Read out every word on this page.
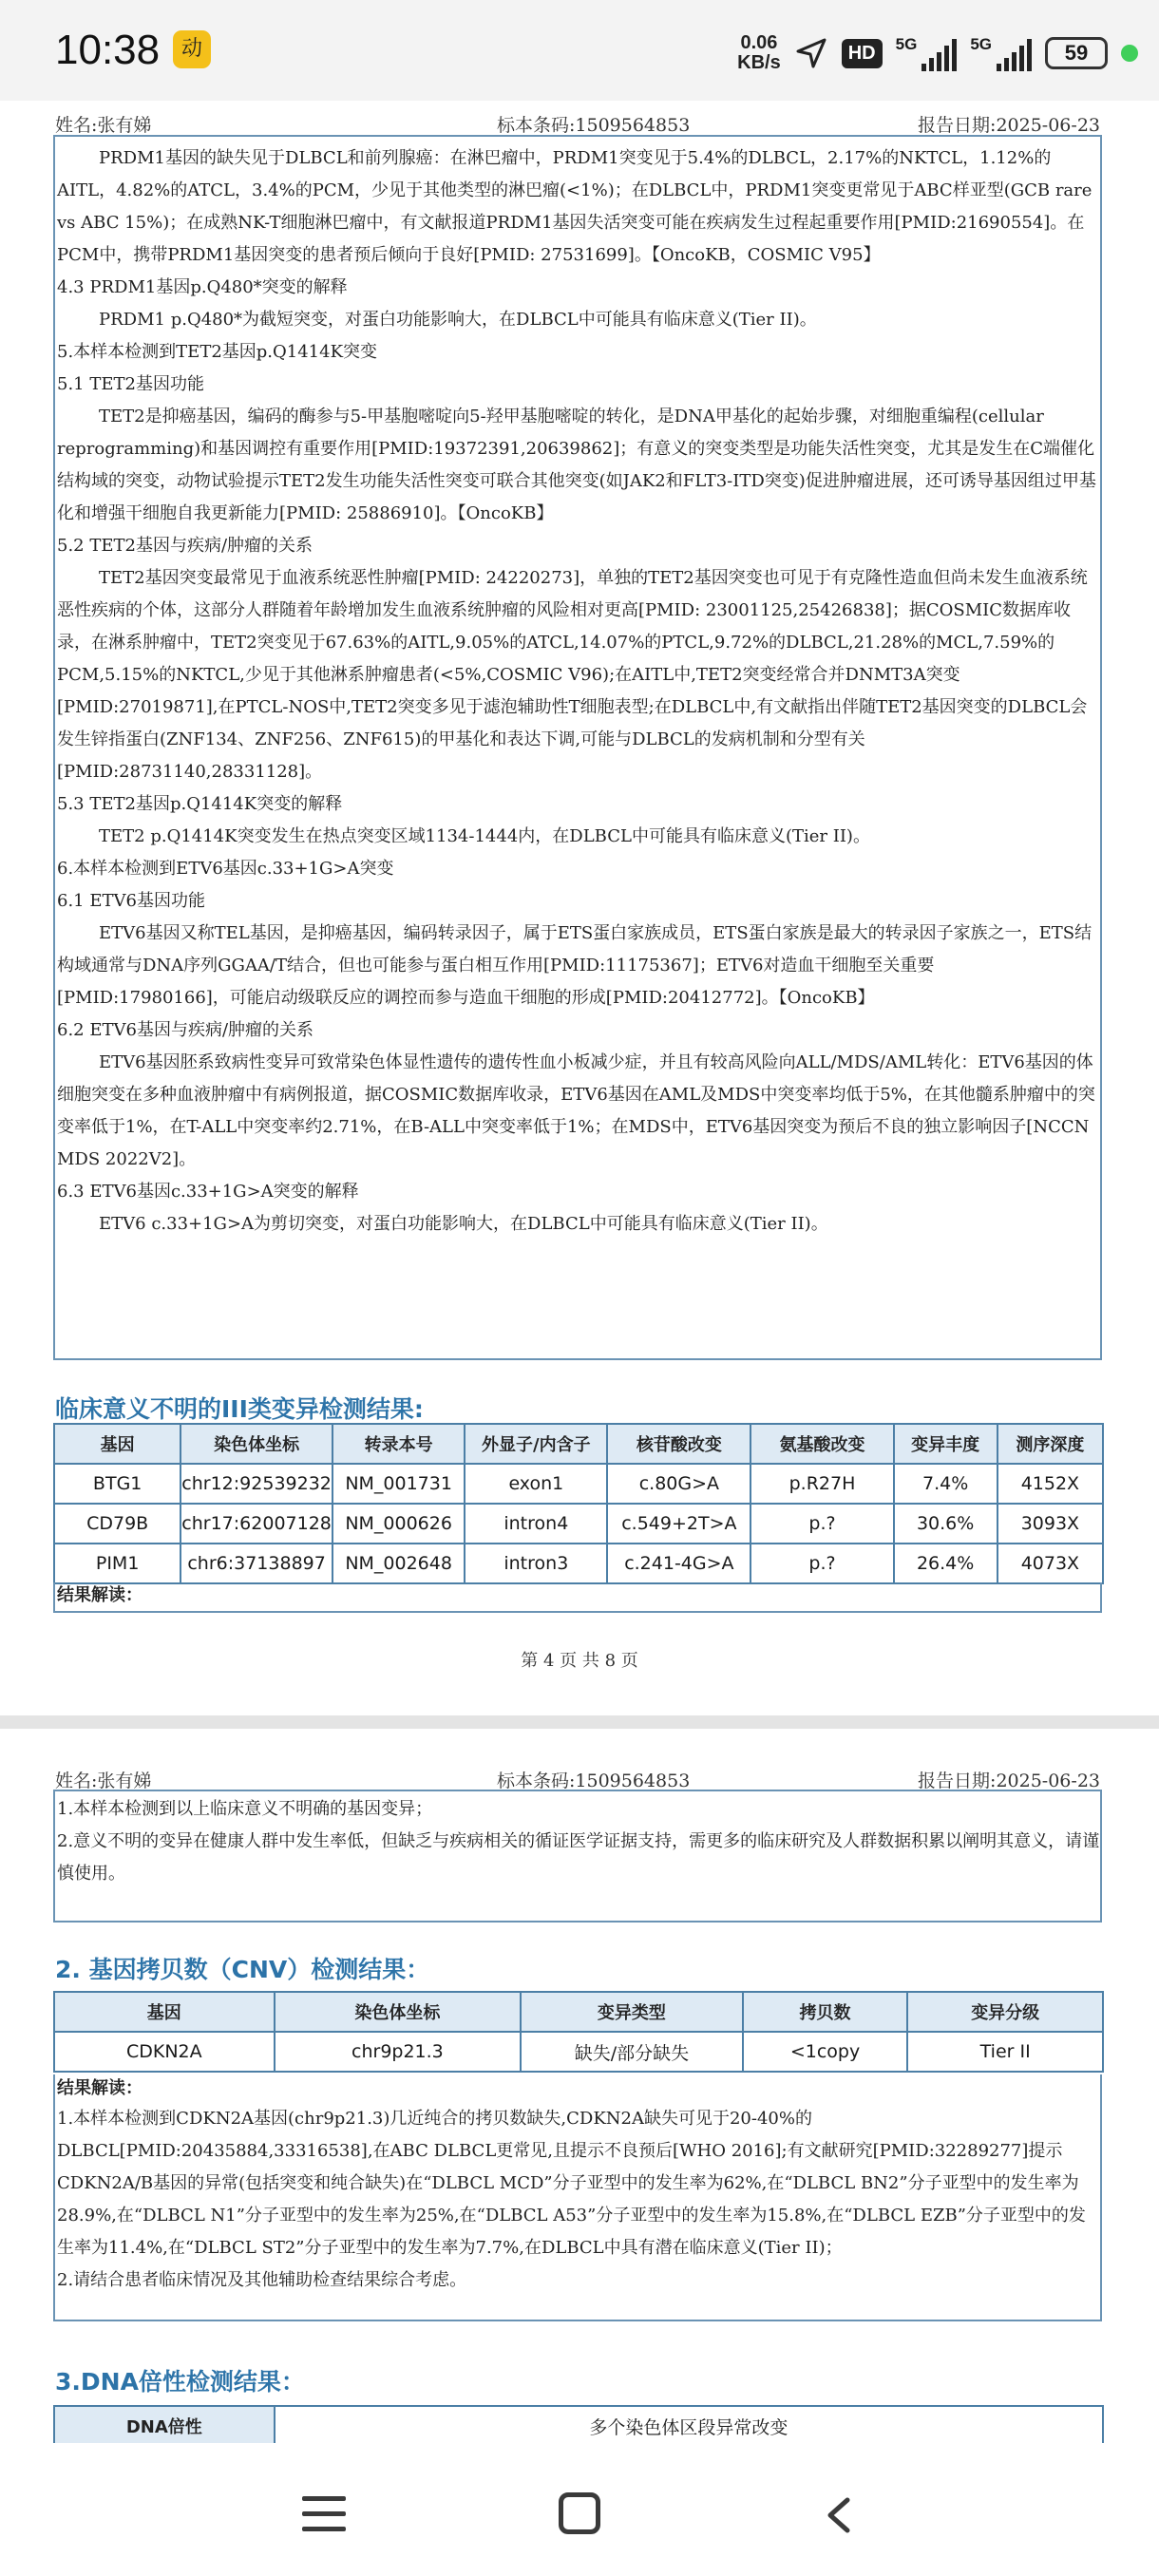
10:38	动	0.06
KB/s	HD	5G	5G	59
姓名:张有娣	标本条码:1509564853	报告日期:2025-06-23

PRDM1基因的缺失见于DLBCL和前列腺癌：在淋巴瘤中，PRDM1突变见于5.4%的DLBCL，2.17%的NKTCL，1.12%的AITL，4.82%的ATCL，3.4%的PCM，少见于其他类型的淋巴瘤(<1%)；在DLBCL中，PRDM1突变更常见于ABC样亚型(GCB rare vs ABC 15%)；在成熟NK-T细胞淋巴瘤中，有文献报道PRDM1基因失活突变可能在疾病发生过程起重要作用[PMID:21690554]。在PCM中，携带PRDM1基因突变的患者预后倾向于良好[PMID: 27531699]。【OncoKB，COSMIC V95】

4.3 PRDM1基因p.Q480*突变的解释

PRDM1 p.Q480*为截短突变，对蛋白功能影响大，在DLBCL中可能具有临床意义(Tier II)。

5.本样本检测到TET2基因p.Q1414K突变

5.1 TET2基因功能

TET2是抑癌基因，编码的酶参与5-甲基胞嘧啶向5-羟甲基胞嘧啶的转化，是DNA甲基化的起始步骤，对细胞重编程(cellular reprogramming)和基因调控有重要作用[PMID:19372391,20639862]；有意义的突变类型是功能失活性突变，尤其是发生在C端催化结构域的突变，动物试验提示TET2发生功能失活性突变可联合其他突变(如JAK2和FLT3-ITD突变)促进肿瘤进展，还可诱导基因组过甲基化和增强干细胞自我更新能力[PMID: 25886910]。【OncoKB】

5.2 TET2基因与疾病/肿瘤的关系

TET2基因突变最常见于血液系统恶性肿瘤[PMID: 24220273]，单独的TET2基因突变也可见于有克隆性造血但尚未发生血液系统恶性疾病的个体，这部分人群随着年龄增加发生血液系统肿瘤的风险相对更高[PMID: 23001125,25426838]；据COSMIC数据库收录，在淋系肿瘤中，TET2突变见于67.63%的AITL,9.05%的ATCL,14.07%的PTCL,9.72%的DLBCL,21.28%的MCL,7.59%的PCM,5.15%的NKTCL,少见于其他淋系肿瘤患者(<5%,COSMIC V96);在AITL中,TET2突变经常合并DNMT3A突变[PMID:27019871],在PTCL-NOS中,TET2突变多见于滤泡辅助性T细胞表型;在DLBCL中,有文献指出伴随TET2基因突变的DLBCL会发生锌指蛋白(ZNF134、ZNF256、ZNF615)的甲基化和表达下调,可能与DLBCL的发病机制和分型有关[PMID:28731140,28331128]。

5.3 TET2基因p.Q1414K突变的解释

TET2 p.Q1414K突变发生在热点突变区域1134-1444内，在DLBCL中可能具有临床意义(Tier II)。

6.本样本检测到ETV6基因c.33+1G>A突变

6.1 ETV6基因功能

ETV6基因又称TEL基因，是抑癌基因，编码转录因子，属于ETS蛋白家族成员，ETS蛋白家族是最大的转录因子家族之一，ETS结构域通常与DNA序列GGAA/T结合，但也可能参与蛋白相互作用[PMID:11175367]；ETV6对造血干细胞至关重要[PMID:17980166]，可能启动级联反应的调控而参与造血干细胞的形成[PMID:20412772]。【OncoKB】

6.2 ETV6基因与疾病/肿瘤的关系

ETV6基因胚系致病性变异可致常染色体显性遗传的遗传性血小板减少症，并且有较高风险向ALL/MDS/AML转化：ETV6基因的体细胞突变在多种血液肿瘤中有病例报道，据COSMIC数据库收录，ETV6基因在AML及MDS中突变率均低于5%，在其他髓系肿瘤中的突变率低于1%，在T-ALL中突变率约2.71%，在B-ALL中突变率低于1%；在MDS中，ETV6基因突变为预后不良的独立影响因子[NCCN MDS 2022V2]。

6.3 ETV6基因c.33+1G>A突变的解释

ETV6 c.33+1G>A为剪切突变，对蛋白功能影响大，在DLBCL中可能具有临床意义(Tier II)。

临床意义不明的III类变异检测结果:
基因	染色体坐标	转录本号	外显子/内含子	核苷酸改变	氨基酸改变	变异丰度	测序深度
BTG1	chr12:92539232	NM_001731	exon1	c.80G>A	p.R27H	7.4%	4152X
CD79B	chr17:62007128	NM_000626	intron4	c.549+2T>A	p.?	30.6%	3093X
PIM1	chr6:37138897	NM_002648	intron3	c.241-4G>A	p.?	26.4%	4073X
结果解读：
第 4 页 共 8 页
姓名:张有娣	标本条码:1509564853	报告日期:2025-06-23

1.本样本检测到以上临床意义不明确的基因变异；

2.意义不明的变异在健康人群中发生率低，但缺乏与疾病相关的循证医学证据支持，需更多的临床研究及人群数据积累以阐明其意义，请谨慎使用。

2. 基因拷贝数（CNV）检测结果：
基因	染色体坐标	变异类型	拷贝数	变异分级
CDKN2A	chr9p21.3	缺失/部分缺失	<1copy	Tier II
结果解读：

1.本样本检测到CDKN2A基因(chr9p21.3)几近纯合的拷贝数缺失,CDKN2A缺失可见于20-40%的DLBCL[PMID:20435884,33316538],在ABC DLBCL更常见,且提示不良预后[WHO 2016];有文献研究[PMID:32289277]提示CDKN2A/B基因的异常(包括突变和纯合缺失)在“DLBCL MCD”分子亚型中的发生率为62%,在“DLBCL BN2”分子亚型中的发生率为28.9%,在“DLBCL N1”分子亚型中的发生率为25%,在“DLBCL A53”分子亚型中的发生率为15.8%,在“DLBCL EZB”分子亚型中的发生率为11.4%,在“DLBCL ST2”分子亚型中的发生率为7.7%,在DLBCL中具有潜在临床意义(Tier II)；

2.请结合患者临床情况及其他辅助检查结果综合考虑。

3.DNA倍性检测结果：
DNA倍性	多个染色体区段异常改变
